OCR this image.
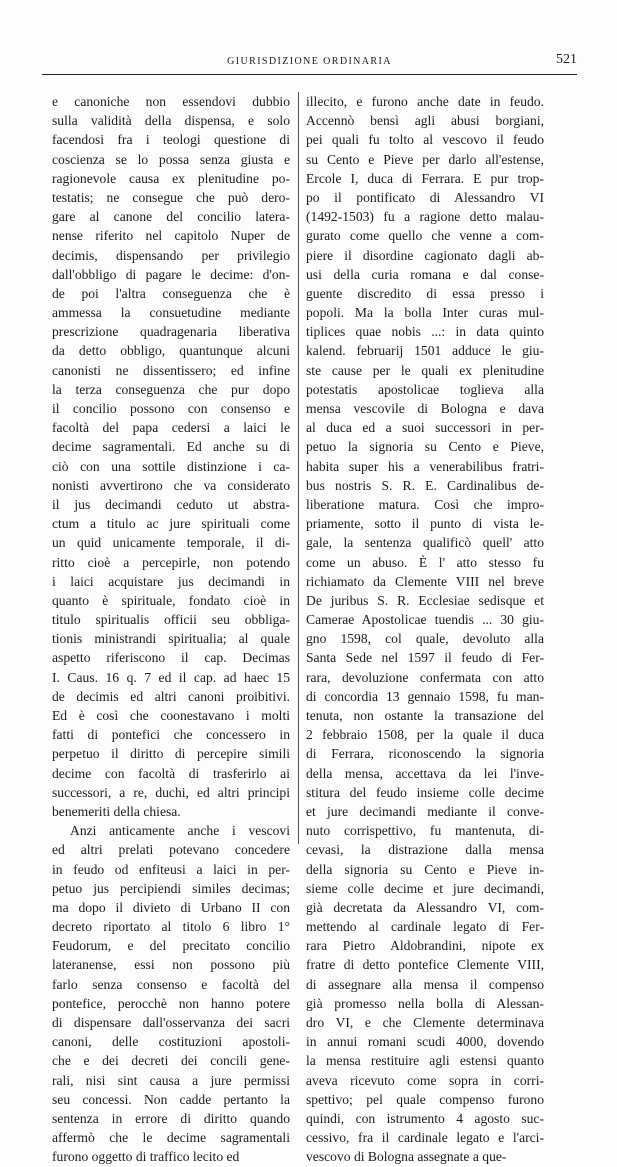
GIURISDIZIONE ORDINARIA	521
e canoniche non essendovi dubbio
sulla validità della dispensa, e solo
facendosi fra i teologi questione di
coscienza se lo possa senza giusta e
ragionevole causa ex plenitudine po-
testatis; ne consegue che può dero-
gare al canone del concilio latera-
nense riferito nel capitolo Nuper de
decimis, dispensando per privilegio
dall'obbligo di pagare le decime: d'on-
de poi l'altra conseguenza che è
ammessa la consuetudine mediante
prescrizione quadragenaria liberativa
da detto obbligo, quantunque alcuni
canonisti ne dissentissero; ed infine
la terza conseguenza che pur dopo
il concilio possono con consenso e
facoltà del papa cedersi a laici le
decime sagramentali. Ed anche su di
ciò con una sottile distinzione i ca-
nonisti avvertirono che va considerato
il jus decimandi ceduto ut abstra-
ctum a titulo ac jure spirituali come
un quid unicamente temporale, il di-
ritto cioè a percepirle, non potendo
i laici acquistare jus decimandi in
quanto è spirituale, fondato cioè in
titulo spiritualis officii seu obbliga-
tionis ministrandi spiritualia; al quale
aspetto riferiscono il cap. Decimas
I. Caus. 16 q. 7 ed il cap. ad haec 15
de decimis ed altri canoni proibitivi.
Ed è così che coonestavano i molti
fatti di pontefici che concessero in
perpetuo il diritto di percepire simili
decime con facoltà di trasferirlo ai
successori, a re, duchi, ed altri principi
benemeriti della chiesa.
Anzi anticamente anche i vescovi
ed altri prelati potevano concedere
in feudo od enfiteusi a laici in per-
petuo jus percipiendi similes decimas;
ma dopo il divieto di Urbano II con
decreto riportato al titolo 6 libro 1°
Feudorum, e del precitato concilio
lateranense, essi non possono più
farlo senza consenso e facoltà del
pontefice, perocchè non hanno potere
di dispensare dall'osservanza dei sacri
canoni, delle costituzioni apostoli-
che e dei decreti dei concili gene-
rali, nisi sint causa a jure permissi
seu concessi. Non cadde pertanto la
sentenza in errore di diritto quando
affermò che le decime sagramentali
furono oggetto di traffico lecito ed
illecito, e furono anche date in feudo.
Accennò bensì agli abusi borgiani,
pei quali fu tolto al vescovo il feudo
su Cento e Pieve per darlo all'estense,
Ercole I, duca di Ferrara. E pur trop-
po il pontificato di Alessandro VI
(1492-1503) fu a ragione detto malau-
gurato come quello che venne a com-
piere il disordine cagionato dagli ab-
usi della curia romana e dal conse-
guente discredito di essa presso i
popoli. Ma la bolla Inter curas mul-
tiplices quae nobis ...: in data quinto
kalend. februarij 1501 adduce le giu-
ste cause per le quali ex plenitudine
potestatis apostolicae toglieva alla
mensa vescovile di Bologna e dava
al duca ed a suoi successori in per-
petuo la signoria su Cento e Pieve,
habita super his a venerabilibus fratri-
bus nostris S. R. E. Cardinalibus de-
liberatione matura. Così che impro-
priamente, sotto il punto di vista le-
gale, la sentenza qualificò quell' atto
come un abuso. È l' atto stesso fu
richiamato da Clemente VIII nel breve
De juribus S. R. Ecclesiae sedisque et
Camerae Apostolicae tuendis ... 30 giu-
gno 1598, col quale, devoluto alla
Santa Sede nel 1597 il feudo di Fer-
rara, devoluzione confermata con atto
di concordia 13 gennaio 1598, fu man-
tenuta, non ostante la transazione del
2 febbraio 1508, per la quale il duca
di Ferrara, riconoscendo la signoria
della mensa, accettava da lei l'inve-
stitura del feudo insieme colle decime
et jure decimandi mediante il conve-
nuto corrispettivo, fu mantenuta, di-
cevasi, la distrazione dalla mensa
della signoria su Cento e Pieve in-
sieme colle decime et jure decimandi,
già decretata da Alessandro VI, com-
mettendo al cardinale legato di Fer-
rara Pietro Aldobrandini, nipote ex
fratre di detto pontefice Clemente VIII,
di assegnare alla mensa il compenso
già promesso nella bolla di Alessan-
dro VI, e che Clemente determinava
in annui romani scudi 4000, dovendo
la mensa restituire agli estensi quanto
aveva ricevuto come sopra in corri-
spettivo; pel quale compenso furono
quindi, con istrumento 4 agosto suc-
cessivo, fra il cardinale legato e l'arci-
vescovo di Bologna assegnate a que-
